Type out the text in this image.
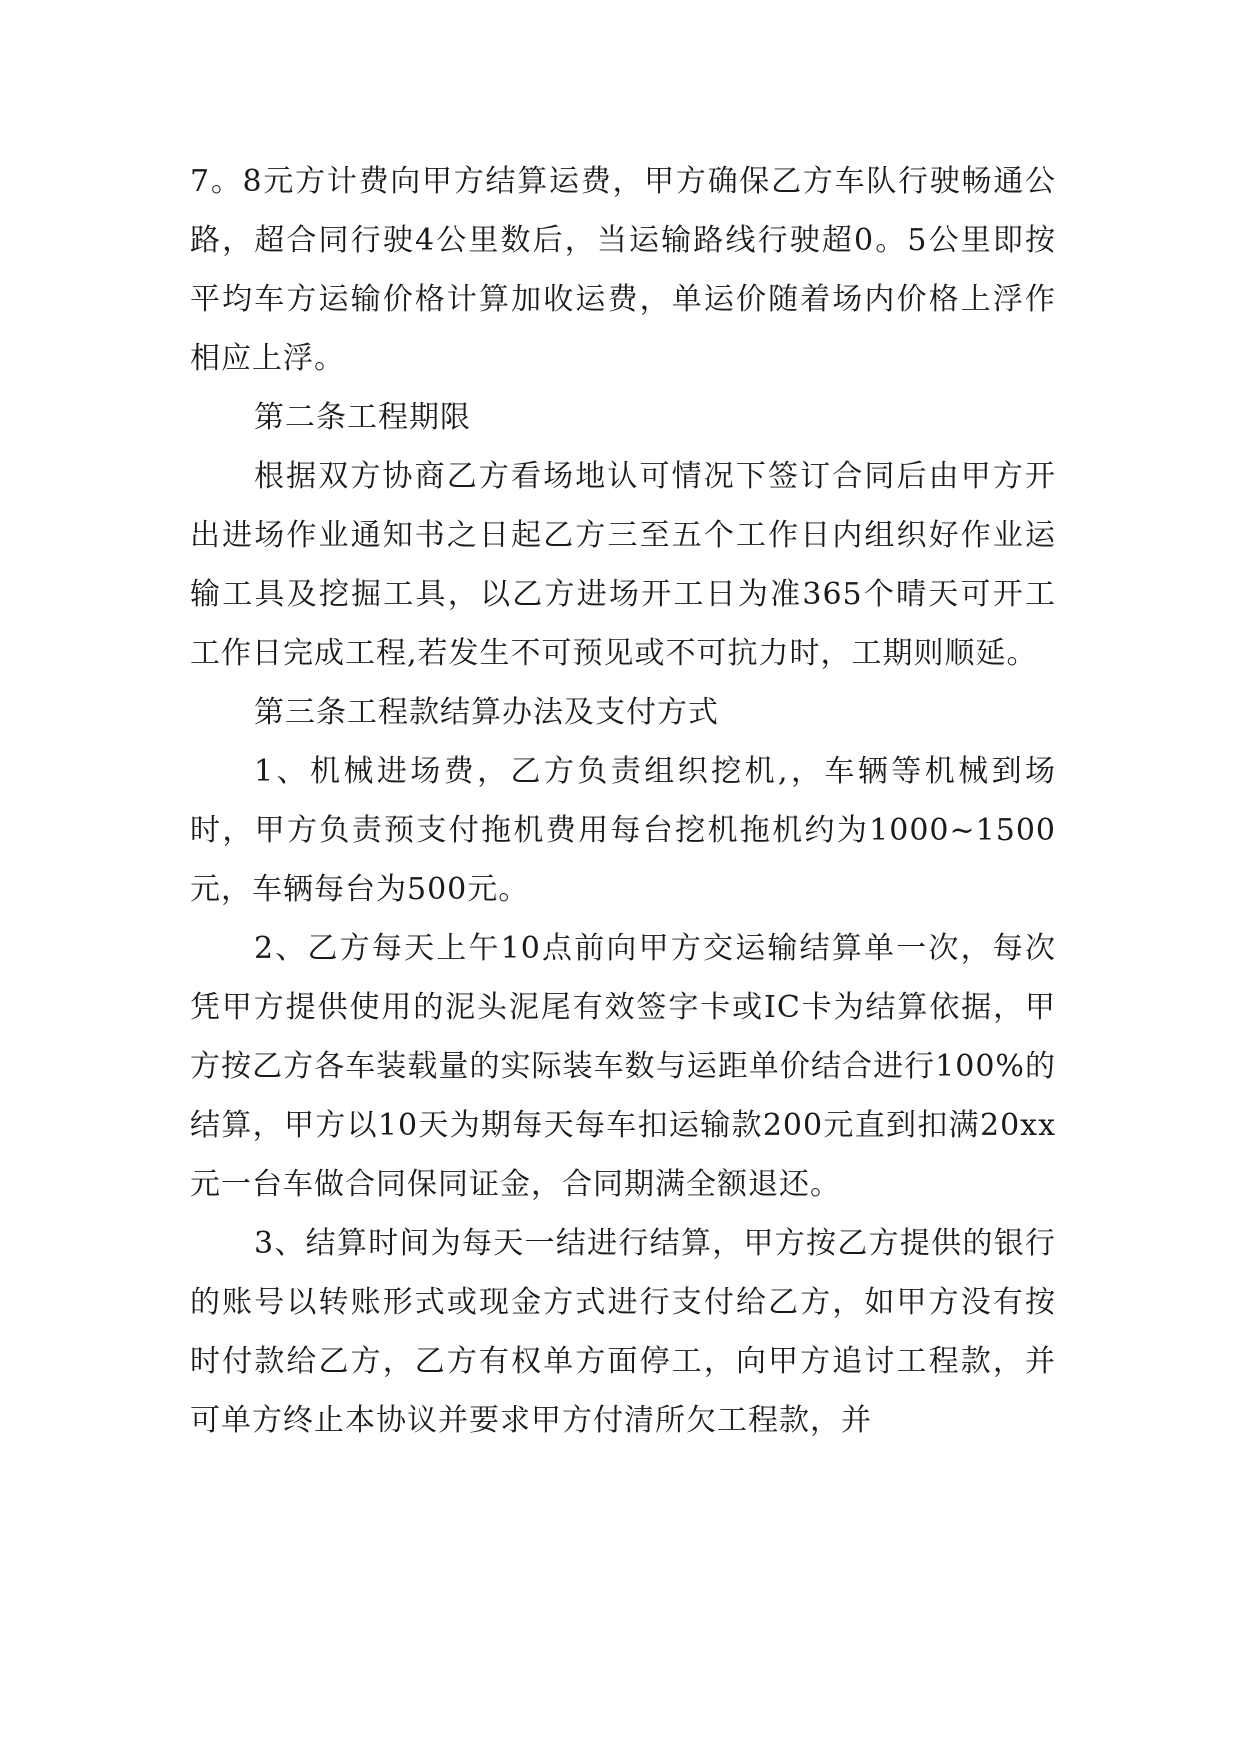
7。8元方计费向甲方结算运费，甲方确保乙方车队行驶畅通公路，超合同行驶4公里数后，当运输路线行驶超0。5公里即按平均车方运输价格计算加收运费，单运价随着场内价格上浮作相应上浮。

第二条工程期限

根据双方协商乙方看场地认可情况下签订合同后由甲方开出进场作业通知书之日起乙方三至五个工作日内组织好作业运输工具及挖掘工具，以乙方进场开工日为准365个晴天可开工工作日完成工程,若发生不可预见或不可抗力时，工期则顺延。

第三条工程款结算办法及支付方式

1、机械进场费，乙方负责组织挖机,，车辆等机械到场时，甲方负责预支付拖机费用每台挖机拖机约为1000~1500元，车辆每台为500元。

2、乙方每天上午10点前向甲方交运输结算单一次，每次凭甲方提供使用的泥头泥尾有效签字卡或IC卡为结算依据，甲方按乙方各车装载量的实际装车数与运距单价结合进行100%的结算，甲方以10天为期每天每车扣运输款200元直到扣满20xx元一台车做合同保同证金，合同期满全额退还。

3、结算时间为每天一结进行结算，甲方按乙方提供的银行的账号以转账形式或现金方式进行支付给乙方，如甲方没有按时付款给乙方，乙方有权单方面停工，向甲方追讨工程款，并可单方终止本协议并要求甲方付清所欠工程款，并
